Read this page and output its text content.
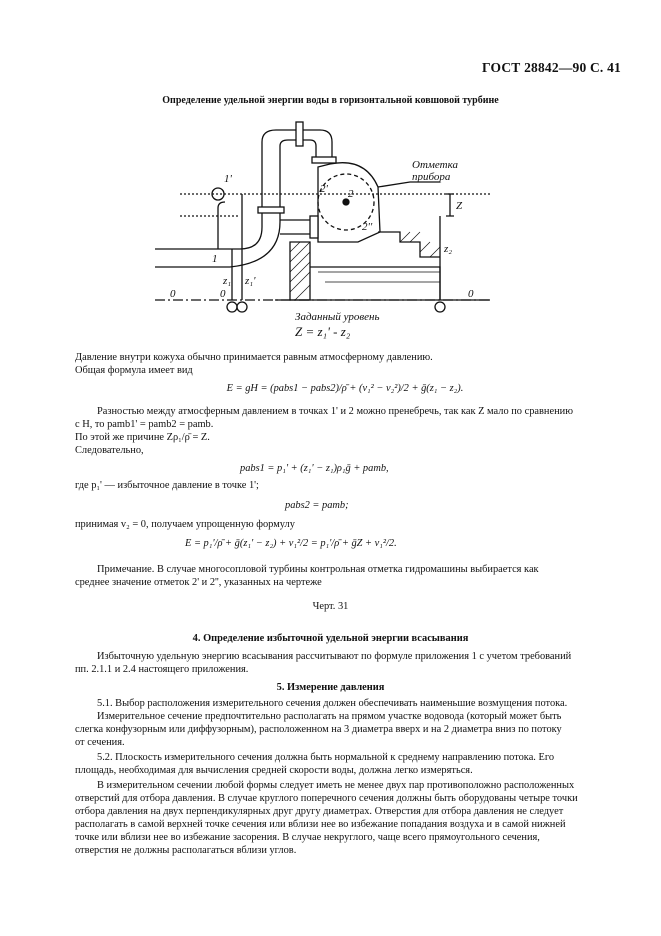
ГОСТ 28842—90 С. 41
Определение удельной энергии воды в горизонтальной ковшовой турбине
Отметка
прибора
1'
1
2' 2
2''
Z
z₁ z₁'
z₂
0	0	0
Заданный уровень
Z = z₁' - z₂
Давление внутри кожуха обычно принимается равным атмосферному давлению.
Общая формула имеет вид
E = gH = (pabs1 − pabs2)/ρ̄ + (v₁² − v₂²)/2 + ḡ(z₁ − z₂).
Разностью между атмосферным давлением в точках 1' и 2 можно пренебречь, так как Z мало по сравнению
с H, то pamb1' = pamb2 = pamb.
По этой же причине Zρ₁/ρ̄ = Z.
Следовательно,
pabs1 = p₁' + (z₁' − z₁)ρ₁ḡ + pamb,
где p₁' — избыточное давление в точке 1';
pabs2 = pamb;
принимая v₂ = 0, получаем упрощенную формулу
E = p₁'/ρ̄ + ḡ(z₁' − z₂) + v₁²/2 = p₁'/ρ̄ + ḡZ + v₁²/2.
Примечание. В случае многосопловой турбины контрольная отметка гидромашины выбирается как
среднее значение отметок 2' и 2'', указанных на чертеже
Черт. 31
4. Определение избыточной удельной энергии всасывания
Избыточную удельную энергию всасывания рассчитывают по формуле приложения 1 с учетом требований
пп. 2.1.1 и 2.4 настоящего приложения.
5. Измерение давления
5.1. Выбор расположения измерительного сечения должен обеспечивать наименьшие возмущения потока.
Измерительное сечение предпочтительно располагать на прямом участке водовода (который может быть
слегка конфузорным или диффузорным), расположенном на 3 диаметра вверх и на 2 диаметра вниз по потоку
от сечения.
5.2. Плоскость измерительного сечения должна быть нормальной к среднему направлению потока. Его
площадь, необходимая для вычисления средней скорости воды, должна легко измеряться.
В измерительном сечении любой формы следует иметь не менее двух пар противоположно расположенных
отверстий для отбора давления. В случае круглого поперечного сечения должны быть оборудованы четыре точки
отбора давления на двух перпендикулярных друг другу диаметрах. Отверстия для отбора давления не следует
располагать в самой верхней точке сечения или вблизи нее во избежание попадания воздуха и в самой нижней
точке или вблизи нее во избежание засорения. В случае некруглого, чаще всего прямоугольного сечения,
отверстия не должны располагаться вблизи углов.
